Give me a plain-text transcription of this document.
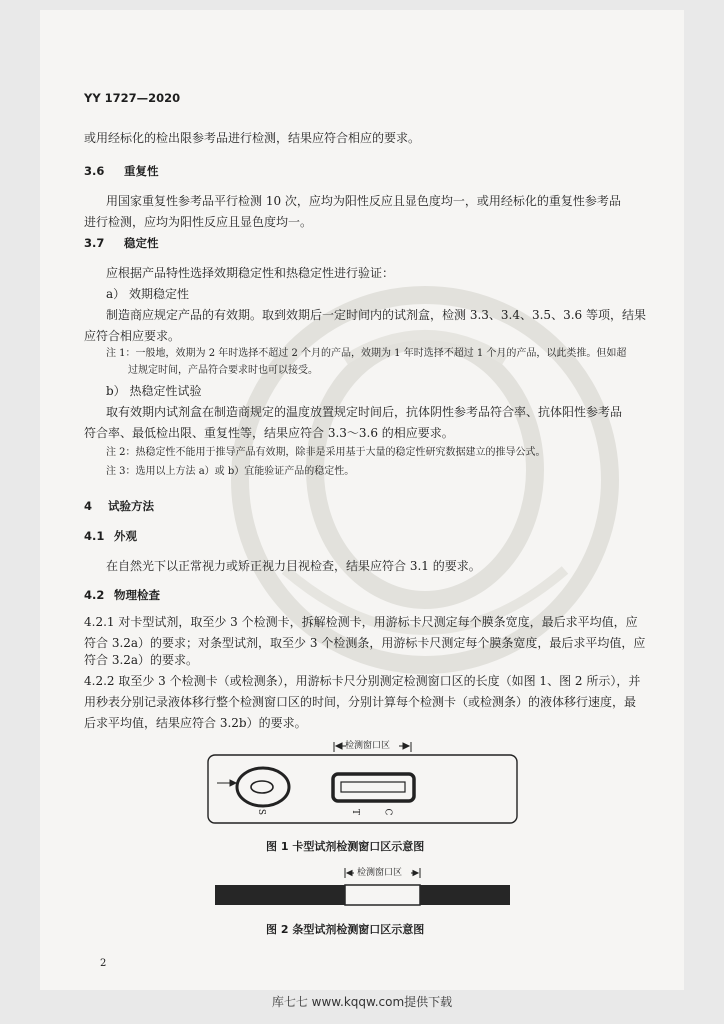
YY 1727—2020
或用经标化的检出限参考品进行检测，结果应符合相应的要求。
3.6 重复性
用国家重复性参考品平行检测 10 次，应均为阳性反应且显色度均一，或用经标化的重复性参考品
进行检测，应均为阳性反应且显色度均一。
3.7 稳定性
应根据产品特性选择效期稳定性和热稳定性进行验证：
a） 效期稳定性
制造商应规定产品的有效期。取到效期后一定时间内的试剂盒，检测 3.3、3.4、3.5、3.6 等项，结果
应符合相应要求。
注 1：一般地，效期为 2 年时选择不超过 2 个月的产品，效期为 1 年时选择不超过 1 个月的产品，以此类推。但如超
过规定时间，产品符合要求时也可以接受。
b） 热稳定性试验
取有效期内试剂盒在制造商规定的温度放置规定时间后，抗体阴性参考品符合率、抗体阳性参考品
符合率、最低检出限、重复性等，结果应符合 3.3～3.6 的相应要求。
注 2：热稳定性不能用于推导产品有效期，除非是采用基于大量的稳定性研究数据建立的推导公式。
注 3：选用以上方法 a）或 b）宜能验证产品的稳定性。
4 试验方法
4.1 外观
在自然光下以正常视力或矫正视力目视检查，结果应符合 3.1 的要求。
4.2 物理检查
4.2.1 对卡型试剂，取至少 3 个检测卡，拆解检测卡，用游标卡尺测定每个膜条宽度，最后求平均值，应
符合 3.2a）的要求；对条型试剂，取至少 3 个检测条，用游标卡尺测定每个膜条宽度，最后求平均值，应
符合 3.2a）的要求。
4.2.2 取至少 3 个检测卡（或检测条），用游标卡尺分别测定检测窗口区的长度（如图 1、图 2 所示），并
用秒表分别记录液体移行整个检测窗口区的时间，分别计算每个检测卡（或检测条）的液体移行速度，最
后求平均值，结果应符合 3.2b）的要求。
检测窗口区
S	T C
图 1 卡型试剂检测窗口区示意图
检测窗口区
图 2 条型试剂检测窗口区示意图
2
库七七 www.kqqw.com提供下载
